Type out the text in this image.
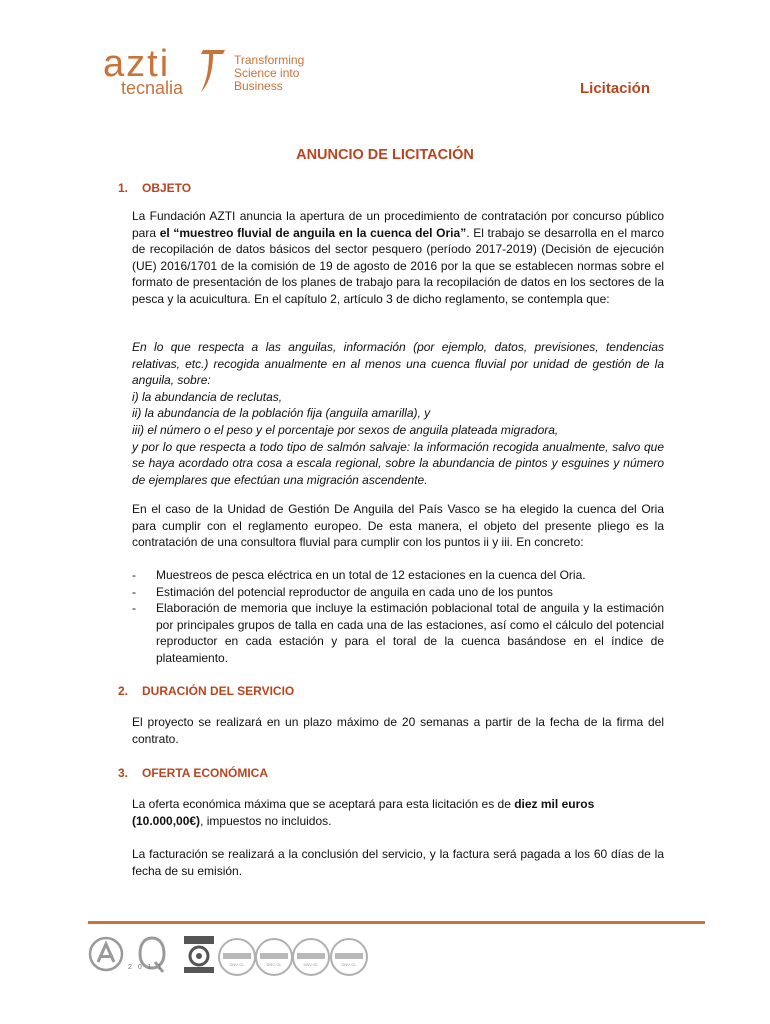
azti
tecnalia
Transforming
Science into
Business	Licitación
ANUNCIO DE LICITACIÓN
1. OBJETO

La Fundación AZTI anuncia la apertura de un procedimiento de contratación por concurso público para el “muestreo fluvial de anguila en la cuenca del Oria”. El trabajo se desarrolla en el marco de recopilación de datos básicos del sector pesquero (período 2017-2019) (Decisión de ejecución (UE) 2016/1701 de la comisión de 19 de agosto de 2016 por la que se establecen normas sobre el formato de presentación de los planes de trabajo para la recopilación de datos en los sectores de la pesca y la acuicultura. En el capítulo 2, artículo 3 de dicho reglamento, se contempla que:

En lo que respecta a las anguilas, información (por ejemplo, datos, previsiones, tendencias relativas, etc.) recogida anualmente en al menos una cuenca fluvial por unidad de gestión de la anguila, sobre:

i) la abundancia de reclutas,

ii) la abundancia de la población fija (anguila amarilla), y

iii) el número o el peso y el porcentaje por sexos de anguila plateada migradora,

y por lo que respecta a todo tipo de salmón salvaje: la información recogida anualmente, salvo que se haya acordado otra cosa a escala regional, sobre la abundancia de pintos y esguines y número de ejemplares que efectúan una migración ascendente.

En el caso de la Unidad de Gestión De Anguila del País Vasco se ha elegido la cuenca del Oria para cumplir con el reglamento europeo. De esta manera, el objeto del presente pliego es la contratación de una consultora fluvial para cumplir con los puntos ii y iii. En concreto:

- Muestreos de pesca eléctrica en un total de 12 estaciones en la cuenca del Oria.
- Estimación del potencial reproductor de anguila en cada uno de los puntos
- Elaboración de memoria que incluye la estimación poblacional total de anguila y la estimación por principales grupos de talla en cada una de las estaciones, así como el cálculo del potencial reproductor en cada estación y para el toral de la cuenca basándose en el índice de plateamiento.
2. DURACIÓN DEL SERVICIO

El proyecto se realizará en un plazo máximo de 20 semanas a partir de la fecha de la firma del contrato.

3. OFERTA ECONÓMICA

La oferta económica máxima que se aceptará para esta licitación es de diez mil euros
(10.000,00€), impuestos no incluidos.

La facturación se realizará a la conclusión del servicio, y la factura será pagada a los 60 días de la fecha de su emisión.

2 0 1 1	DNV·GL	DNV·GL	DNV·GL	DNV·GL
